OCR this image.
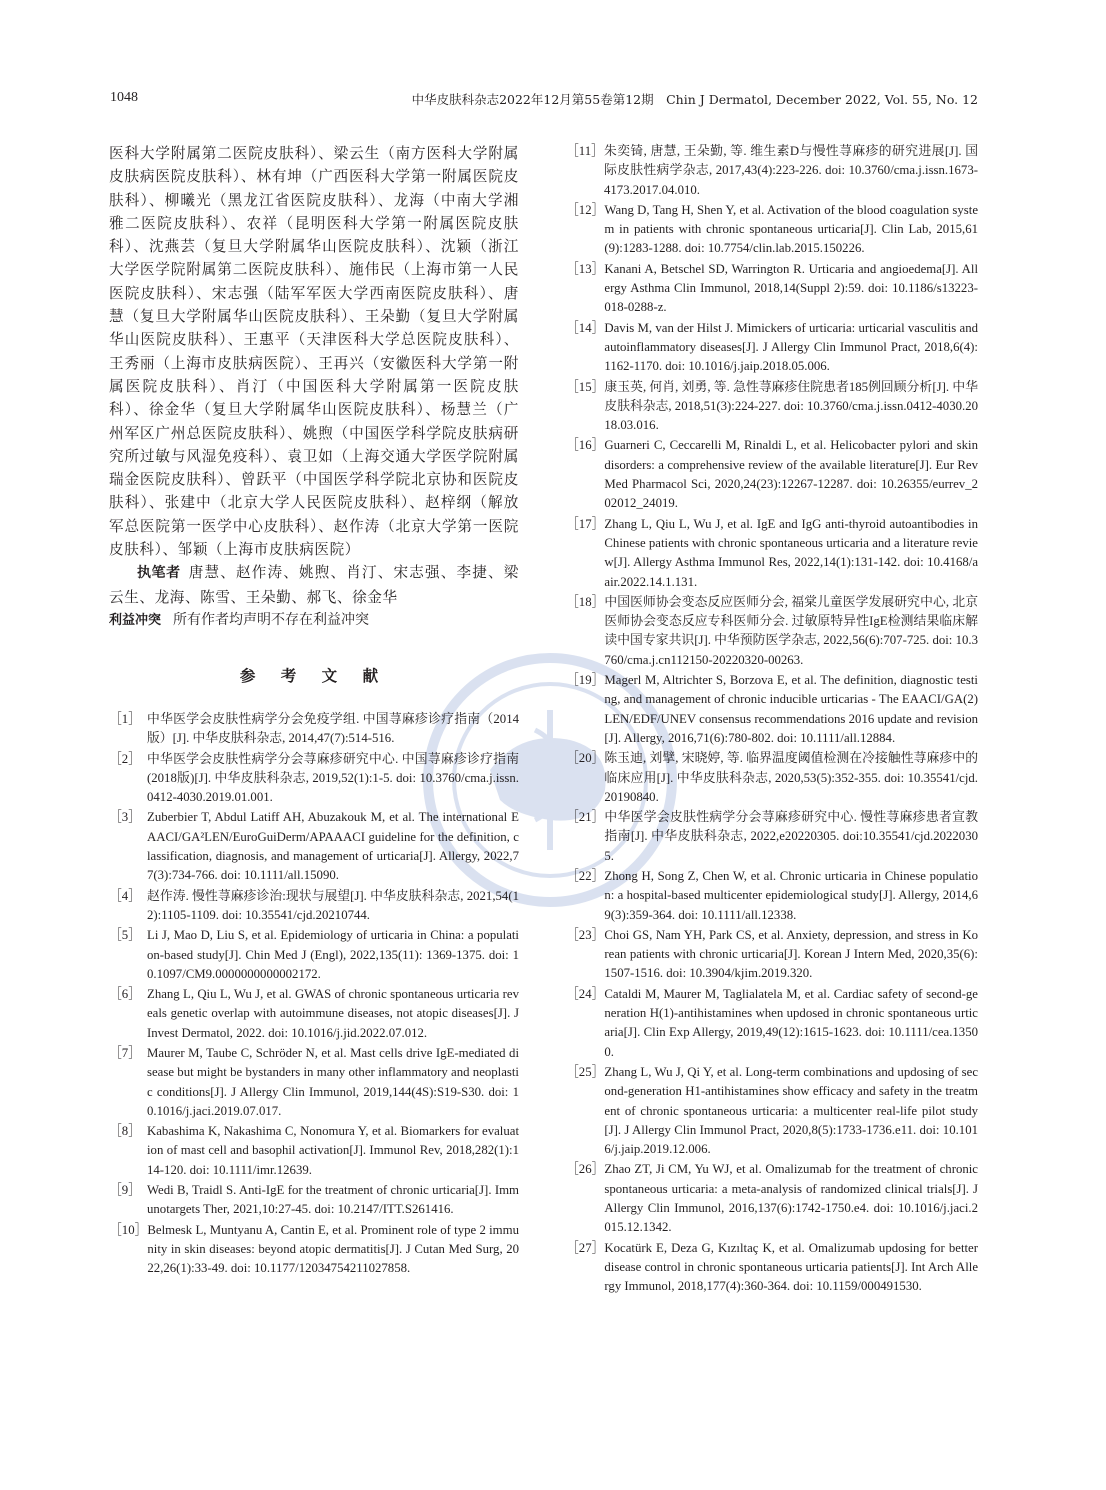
1048	中华皮肤科杂志2022年12月第55卷第12期　Chin J Dermatol, December 2022, Vol. 55, No. 12

医科大学附属第二医院皮肤科）、梁云生（南方医科大学附属皮肤病医院皮肤科）、林有坤（广西医科大学第一附属医院皮肤科）、柳曦光（黑龙江省医院皮肤科）、龙海（中南大学湘雅二医院皮肤科）、农祥（昆明医科大学第一附属医院皮肤科）、沈燕芸（复旦大学附属华山医院皮肤科）、沈颖（浙江大学医学院附属第二医院皮肤科）、施伟民（上海市第一人民医院皮肤科）、宋志强（陆军军医大学西南医院皮肤科）、唐慧（复旦大学附属华山医院皮肤科）、王朵勤（复旦大学附属华山医院皮肤科）、王惠平（天津医科大学总医院皮肤科）、王秀丽（上海市皮肤病医院）、王再兴（安徽医科大学第一附属医院皮肤科）、肖汀（中国医科大学附属第一医院皮肤科）、徐金华（复旦大学附属华山医院皮肤科）、杨慧兰（广州军区广州总医院皮肤科）、姚煦（中国医学科学院皮肤病研究所过敏与风湿免疫科）、袁卫如（上海交通大学医学院附属瑞金医院皮肤科）、曾跃平（中国医学科学院北京协和医院皮肤科）、张建中（北京大学人民医院皮肤科）、赵梓纲（解放军总医院第一医学中心皮肤科）、赵作涛（北京大学第一医院皮肤科）、邹颖（上海市皮肤病医院）

执笔者 唐慧、赵作涛、姚煦、肖汀、宋志强、李捷、梁云生、龙海、陈雪、王朵勤、郝飞、徐金华

利益冲突 所有作者均声明不存在利益冲突

参 考 文 献
［1］ 中华医学会皮肤性病学分会免疫学组. 中国荨麻疹诊疗指南（2014版）[J]. 中华皮肤科杂志, 2014,47(7):514-516.
［2］ 中华医学会皮肤性病学分会荨麻疹研究中心. 中国荨麻疹诊疗指南(2018版)[J]. 中华皮肤科杂志, 2019,52(1):1-5. doi: 10.3760/cma.j.issn.0412-4030.2019.01.001.
［3］ Zuberbier T, Abdul Latiff AH, Abuzakouk M, et al. The international EAACI/GA²LEN/EuroGuiDerm/APAAACI guideline for the definition, classification, diagnosis, and management of urticaria[J]. Allergy, 2022,77(3):734-766. doi: 10.1111/all.15090.
［4］ 赵作涛. 慢性荨麻疹诊治:现状与展望[J]. 中华皮肤科杂志, 2021,54(12):1105-1109. doi: 10.35541/cjd.20210744.
［5］ Li J, Mao D, Liu S, et al. Epidemiology of urticaria in China: a population-based study[J]. Chin Med J (Engl), 2022,135(11): 1369-1375. doi: 10.1097/CM9.0000000000002172.
［6］ Zhang L, Qiu L, Wu J, et al. GWAS of chronic spontaneous urticaria reveals genetic overlap with autoimmune diseases, not atopic diseases[J]. J Invest Dermatol, 2022. doi: 10.1016/j.jid.2022.07.012.
［7］ Maurer M, Taube C, Schröder N, et al. Mast cells drive IgE-mediated disease but might be bystanders in many other inflammatory and neoplastic conditions[J]. J Allergy Clin Immunol, 2019,144(4S):S19-S30. doi: 10.1016/j.jaci.2019.07.017.
［8］ Kabashima K, Nakashima C, Nonomura Y, et al. Biomarkers for evaluation of mast cell and basophil activation[J]. Immunol Rev, 2018,282(1):114-120. doi: 10.1111/imr.12639.
［9］ Wedi B, Traidl S. Anti-IgE for the treatment of chronic urticaria[J]. Immunotargets Ther, 2021,10:27-45. doi: 10.2147/ITT.S261416.
［10］ Belmesk L, Muntyanu A, Cantin E, et al. Prominent role of type 2 immunity in skin diseases: beyond atopic dermatitis[J]. J Cutan Med Surg, 2022,26(1):33-49. doi: 10.1177/12034754211027858.
［11］ 朱奕锜, 唐慧, 王朵勤, 等. 维生素D与慢性荨麻疹的研究进展[J]. 国际皮肤性病学杂志, 2017,43(4):223-226. doi: 10.3760/cma.j.issn.1673-4173.2017.04.010.
［12］ Wang D, Tang H, Shen Y, et al. Activation of the blood coagulation system in patients with chronic spontaneous urticaria[J]. Clin Lab, 2015,61(9):1283-1288. doi: 10.7754/clin.lab.2015.150226.
［13］ Kanani A, Betschel SD, Warrington R. Urticaria and angioedema[J]. Allergy Asthma Clin Immunol, 2018,14(Suppl 2):59. doi: 10.1186/s13223-018-0288-z.
［14］ Davis M, van der Hilst J. Mimickers of urticaria: urticarial vasculitis and autoinflammatory diseases[J]. J Allergy Clin Immunol Pract, 2018,6(4):1162-1170. doi: 10.1016/j.jaip.2018.05.006.
［15］ 康玉英, 何肖, 刘勇, 等. 急性荨麻疹住院患者185例回顾分析[J]. 中华皮肤科杂志, 2018,51(3):224-227. doi: 10.3760/cma.j.issn.0412-4030.2018.03.016.
［16］ Guarneri C, Ceccarelli M, Rinaldi L, et al. Helicobacter pylori and skin disorders: a comprehensive review of the available literature[J]. Eur Rev Med Pharmacol Sci, 2020,24(23):12267-12287. doi: 10.26355/eurrev_202012_24019.
［17］ Zhang L, Qiu L, Wu J, et al. IgE and IgG anti-thyroid autoantibodies in Chinese patients with chronic spontaneous urticaria and a literature review[J]. Allergy Asthma Immunol Res, 2022,14(1):131-142. doi: 10.4168/aair.2022.14.1.131.
［18］ 中国医师协会变态反应医师分会, 福棠儿童医学发展研究中心, 北京医师协会变态反应专科医师分会. 过敏原特异性IgE检测结果临床解读中国专家共识[J]. 中华预防医学杂志, 2022,56(6):707-725. doi: 10.3760/cma.j.cn112150-20220320-00263.
［19］ Magerl M, Altrichter S, Borzova E, et al. The definition, diagnostic testing, and management of chronic inducible urticarias - The EAACI/GA(2) LEN/EDF/UNEV consensus recommendations 2016 update and revision[J]. Allergy, 2016,71(6):780-802. doi: 10.1111/all.12884.
［20］ 陈玉迪, 刘擘, 宋晓婷, 等. 临界温度阈值检测在冷接触性荨麻疹中的临床应用[J]. 中华皮肤科杂志, 2020,53(5):352-355. doi: 10.35541/cjd.20190840.
［21］ 中华医学会皮肤性病学分会荨麻疹研究中心. 慢性荨麻疹患者宣教指南[J]. 中华皮肤科杂志, 2022,e20220305. doi:10.35541/cjd.20220305.
［22］ Zhong H, Song Z, Chen W, et al. Chronic urticaria in Chinese population: a hospital-based multicenter epidemiological study[J]. Allergy, 2014,69(3):359-364. doi: 10.1111/all.12338.
［23］ Choi GS, Nam YH, Park CS, et al. Anxiety, depression, and stress in Korean patients with chronic urticaria[J]. Korean J Intern Med, 2020,35(6):1507-1516. doi: 10.3904/kjim.2019.320.
［24］ Cataldi M, Maurer M, Taglialatela M, et al. Cardiac safety of second-generation H(1)-antihistamines when updosed in chronic spontaneous urticaria[J]. Clin Exp Allergy, 2019,49(12):1615-1623. doi: 10.1111/cea.13500.
［25］ Zhang L, Wu J, Qi Y, et al. Long-term combinations and updosing of second-generation H1-antihistamines show efficacy and safety in the treatment of chronic spontaneous urticaria: a multicenter real-life pilot study[J]. J Allergy Clin Immunol Pract, 2020,8(5):1733-1736.e11. doi: 10.1016/j.jaip.2019.12.006.
［26］ Zhao ZT, Ji CM, Yu WJ, et al. Omalizumab for the treatment of chronic spontaneous urticaria: a meta-analysis of randomized clinical trials[J]. J Allergy Clin Immunol, 2016,137(6):1742-1750.e4. doi: 10.1016/j.jaci.2015.12.1342.
［27］ Kocatürk E, Deza G, Kızıltaç K, et al. Omalizumab updosing for better disease control in chronic spontaneous urticaria patients[J]. Int Arch Allergy Immunol, 2018,177(4):360-364. doi: 10.1159/000491530.
